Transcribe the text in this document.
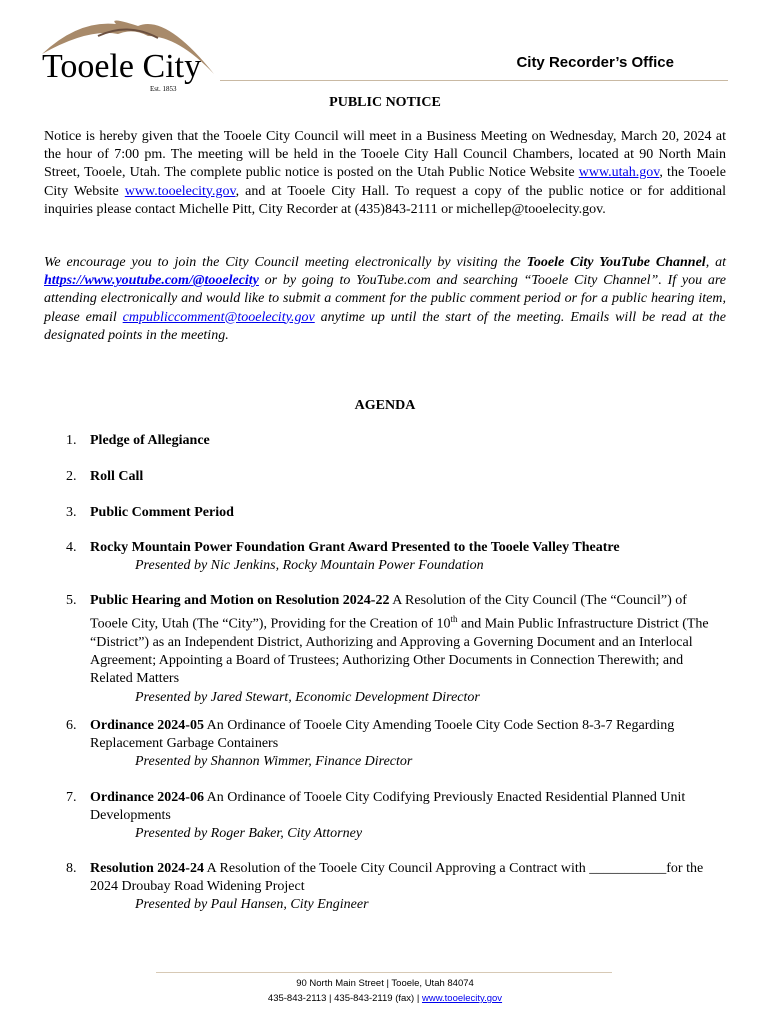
Tooele City
Est. 1853
City Recorder’s Office
PUBLIC NOTICE
Notice is hereby given that the Tooele City Council will meet in a Business Meeting on Wednesday, March 20, 2024 at the hour of 7:00 pm. The meeting will be held in the Tooele City Hall Council Chambers, located at 90 North Main Street, Tooele, Utah. The complete public notice is posted on the Utah Public Notice Website www.utah.gov, the Tooele City Website www.tooelecity.gov, and at Tooele City Hall. To request a copy of the public notice or for additional inquiries please contact Michelle Pitt, City Recorder at (435)843-2111 or michellep@tooelecity.gov.
We encourage you to join the City Council meeting electronically by visiting the Tooele City YouTube Channel, at https://www.youtube.com/@tooelecity or by going to YouTube.com and searching “Tooele City Channel”. If you are attending electronically and would like to submit a comment for the public comment period or for a public hearing item, please email cmpubliccomment@tooelecity.gov anytime up until the start of the meeting. Emails will be read at the designated points in the meeting.
AGENDA
1. Pledge of Allegiance
2. Roll Call
3. Public Comment Period
4. Rocky Mountain Power Foundation Grant Award Presented to the Tooele Valley Theatre
Presented by Nic Jenkins, Rocky Mountain Power Foundation
5. Public Hearing and Motion on Resolution 2024-22 A Resolution of the City Council (The “Council”) of Tooele City, Utah (The “City”), Providing for the Creation of 10th and Main Public Infrastructure District (The “District”) as an Independent District, Authorizing and Approving a Governing Document and an Interlocal Agreement; Appointing a Board of Trustees; Authorizing Other Documents in Connection Therewith; and Related Matters
Presented by Jared Stewart, Economic Development Director
6. Ordinance 2024-05 An Ordinance of Tooele City Amending Tooele City Code Section 8-3-7 Regarding Replacement Garbage Containers
Presented by Shannon Wimmer, Finance Director
7. Ordinance 2024-06 An Ordinance of Tooele City Codifying Previously Enacted Residential Planned Unit Developments
Presented by Roger Baker, City Attorney
8. Resolution 2024-24 A Resolution of the Tooele City Council Approving a Contract with ___________for the 2024 Droubay Road Widening Project
Presented by Paul Hansen, City Engineer
90 North Main Street | Tooele, Utah 84074
435-843-2113 | 435-843-2119 (fax) | www.tooelecity.gov
